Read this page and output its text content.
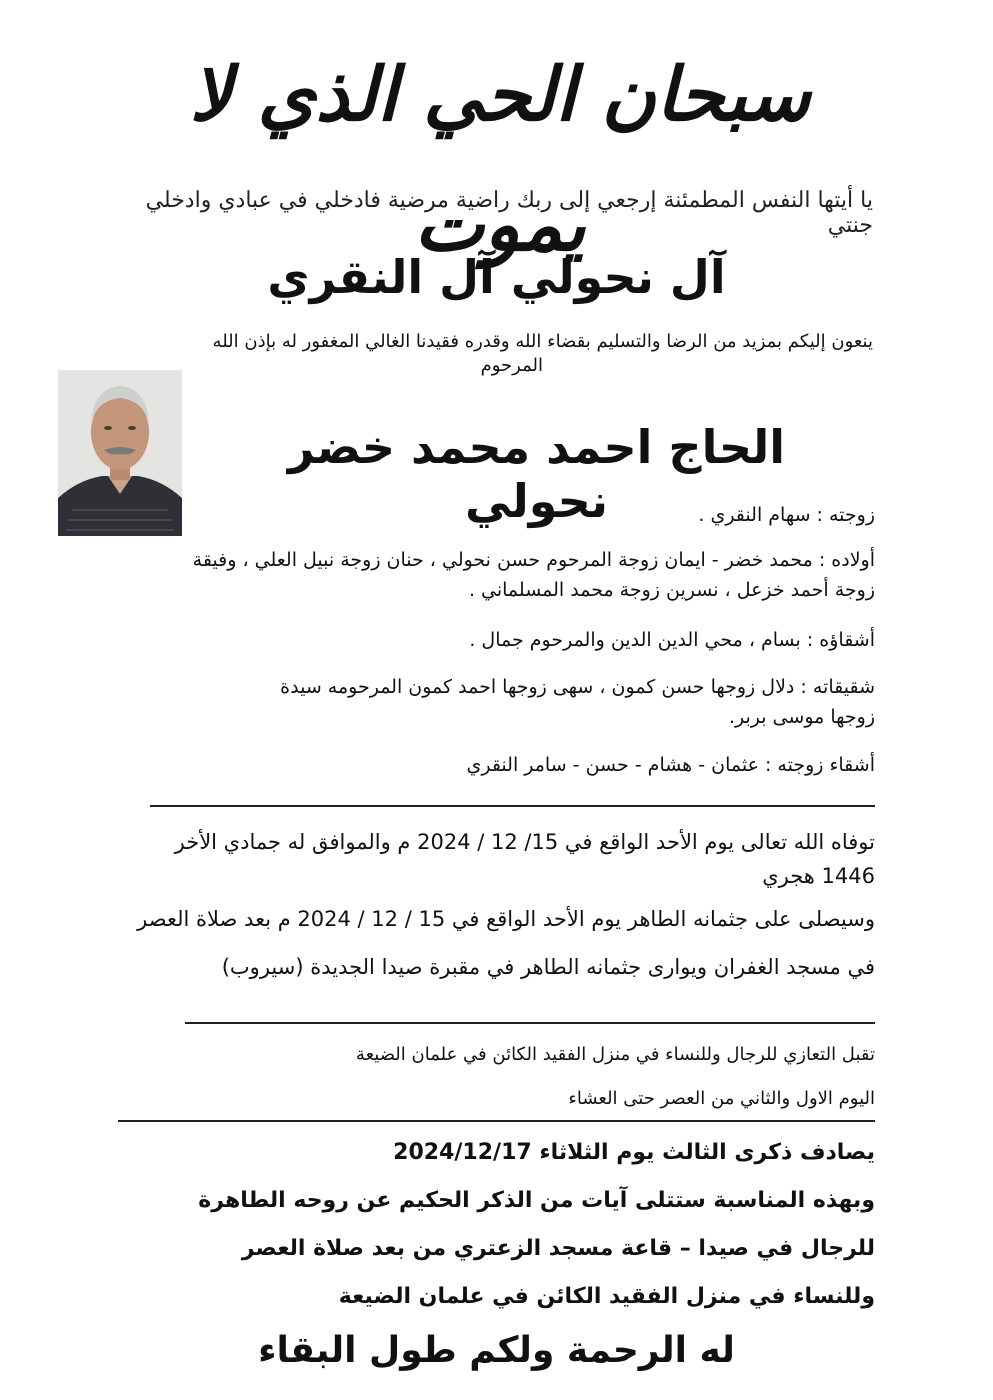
سبحان الحي الذي لا يموت
يا أيتها النفس المطمئنة إرجعي إلى ربك راضية مرضية فادخلي في عبادي وادخلي جنتي
آل نحولي آل النقري
ينعون إليكم بمزيد من الرضا والتسليم بقضاء الله وقدره فقيدنا الغالي المغفور له بإذن الله
المرحوم
الحاج احمد محمد خضر نحولي	زوجته : سهام النقري .
أولاده : محمد خضر - ايمان زوجة المرحوم حسن نحولي ، حنان زوجة نبيل العلي ، وفيقة
زوجة أحمد خزعل ، نسرين زوجة محمد المسلماني .
أشقاؤه : بسام ، محي الدين الدين والمرحوم جمال .
شقيقاته : دلال زوجها حسن كمون ، سهى زوجها احمد كمون المرحومه سيدة
زوجها موسى بربر.
أشقاء زوجته : عثمان - هشام - حسن - سامر النقري
توفاه الله تعالى يوم الأحد الواقع في 15/ 12 / 2024 م والموافق له جمادي الأخر
1446 هجري
وسيصلى على جثمانه الطاهر يوم الأحد الواقع في 15 / 12 / 2024 م بعد صلاة العصر
في مسجد الغفران ويوارى جثمانه الطاهر في مقبرة صيدا الجديدة (سيروب)
تقبل التعازي للرجال وللنساء في منزل الفقيد الكائن في علمان الضيعة
اليوم الاول والثاني من العصر حتى العشاء
يصادف ذكرى الثالث يوم الثلاثاء 2024/12/17
وبهذه المناسبة ستتلى آيات من الذكر الحكيم عن روحه الطاهرة
للرجال في صيدا – قاعة مسجد الزعتري من بعد صلاة العصر
وللنساء في منزل الفقيد الكائن في علمان الضيعة
له الرحمة ولكم طول البقاء
